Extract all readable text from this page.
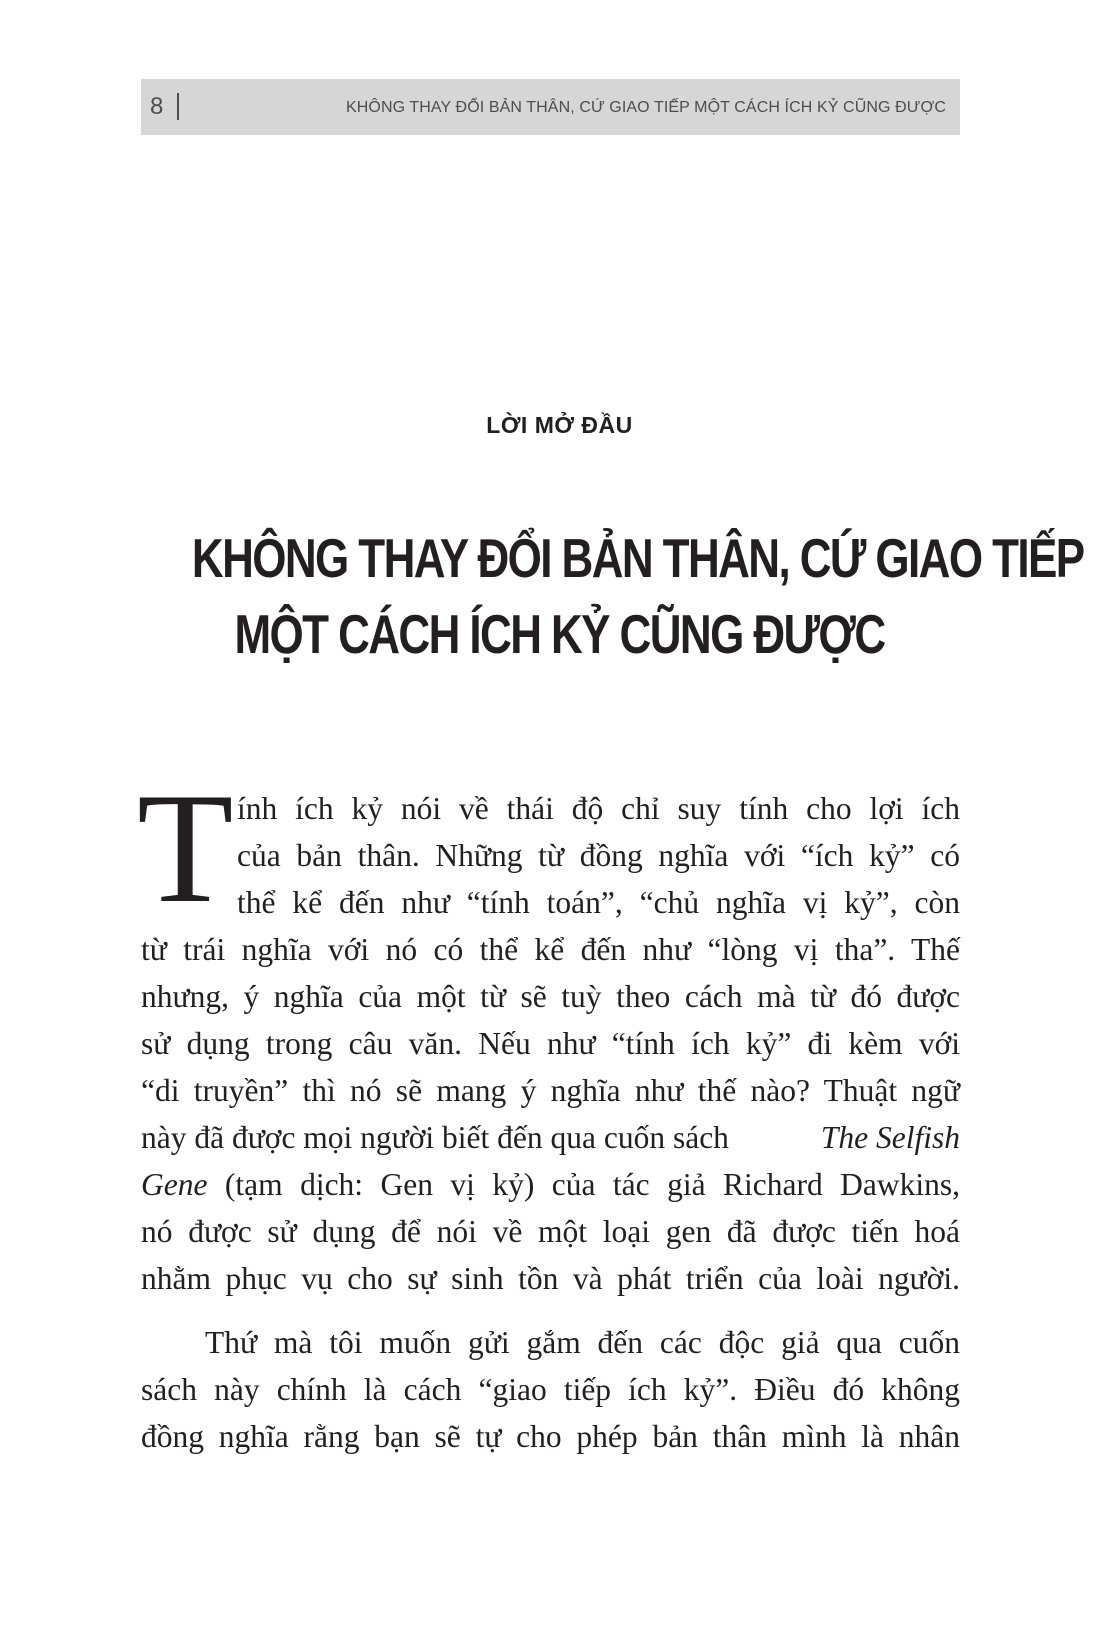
8	KHÔNG THAY ĐỔI BẢN THÂN, CỨ GIAO TIẾP MỘT CÁCH ÍCH KỶ CŨNG ĐƯỢC
LỜI MỞ ĐẦU
KHÔNG THAY ĐỔI BẢN THÂN, CỨ GIAO TIẾP
MỘT CÁCH ÍCH KỶ CŨNG ĐƯỢC
T ính ích kỷ nói về thái độ chỉ suy tính cho lợi ích
của bản thân. Những từ đồng nghĩa với “ích kỷ” có
thể kể đến như “tính toán”, “chủ nghĩa vị kỷ”, còn
từ trái nghĩa với nó có thể kể đến như “lòng vị tha”. Thế
nhưng, ý nghĩa của một từ sẽ tuỳ theo cách mà từ đó được
sử dụng trong câu văn. Nếu như “tính ích kỷ” đi kèm với
“di truyền” thì nó sẽ mang ý nghĩa như thế nào? Thuật ngữ
này đã được mọi người biết đến qua cuốn sách	The Selfish
Gene (tạm dịch: Gen vị kỷ) của tác giả Richard Dawkins,
nó được sử dụng để nói về một loại gen đã được tiến hoá
nhằm phục vụ cho sự sinh tồn và phát triển của loài người.
Thứ mà tôi muốn gửi gắm đến các độc giả qua cuốn
sách này chính là cách “giao tiếp ích kỷ”. Điều đó không
đồng nghĩa rằng bạn sẽ tự cho phép bản thân mình là nhân
